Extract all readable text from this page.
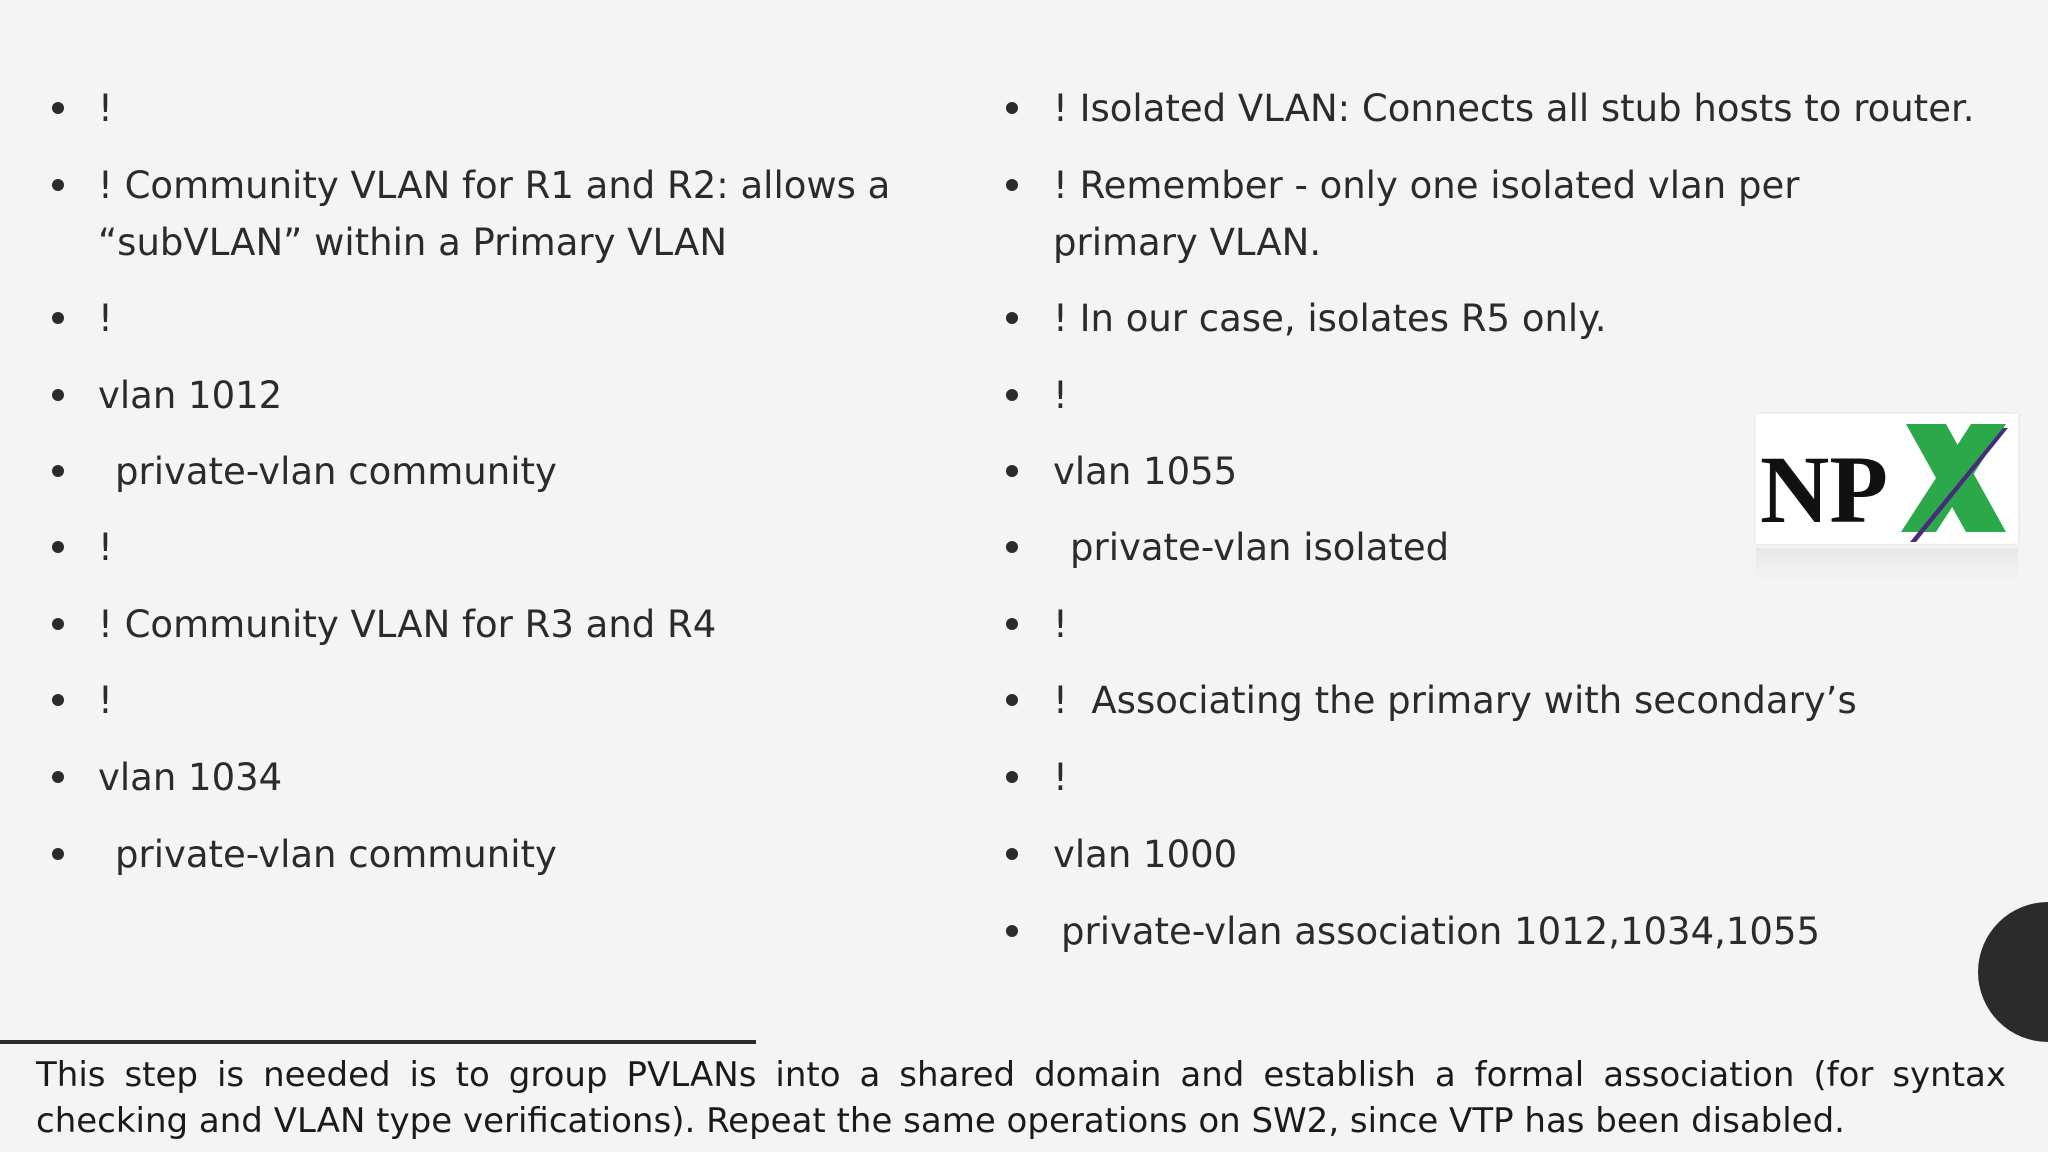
!
! Community VLAN for R1 and R2: allows a “subVLAN” within a Primary VLAN
!
vlan 1012
private-vlan community
!
! Community VLAN for R3 and R4
!
vlan 1034
private-vlan community
! Isolated VLAN: Connects all stub hosts to router.
! Remember - only one isolated vlan per primary VLAN.
! In our case, isolates R5 only.
!
vlan 1055
private-vlan isolated
!
!  Associating the primary with secondary’s
!
vlan 1000
private-vlan association 1012,1034,1055
NP
This step is needed is to group PVLANs into a shared domain and establish a formal association (for syntax checking and VLAN type verifications). Repeat the same operations on SW2, since VTP has been disabled.
